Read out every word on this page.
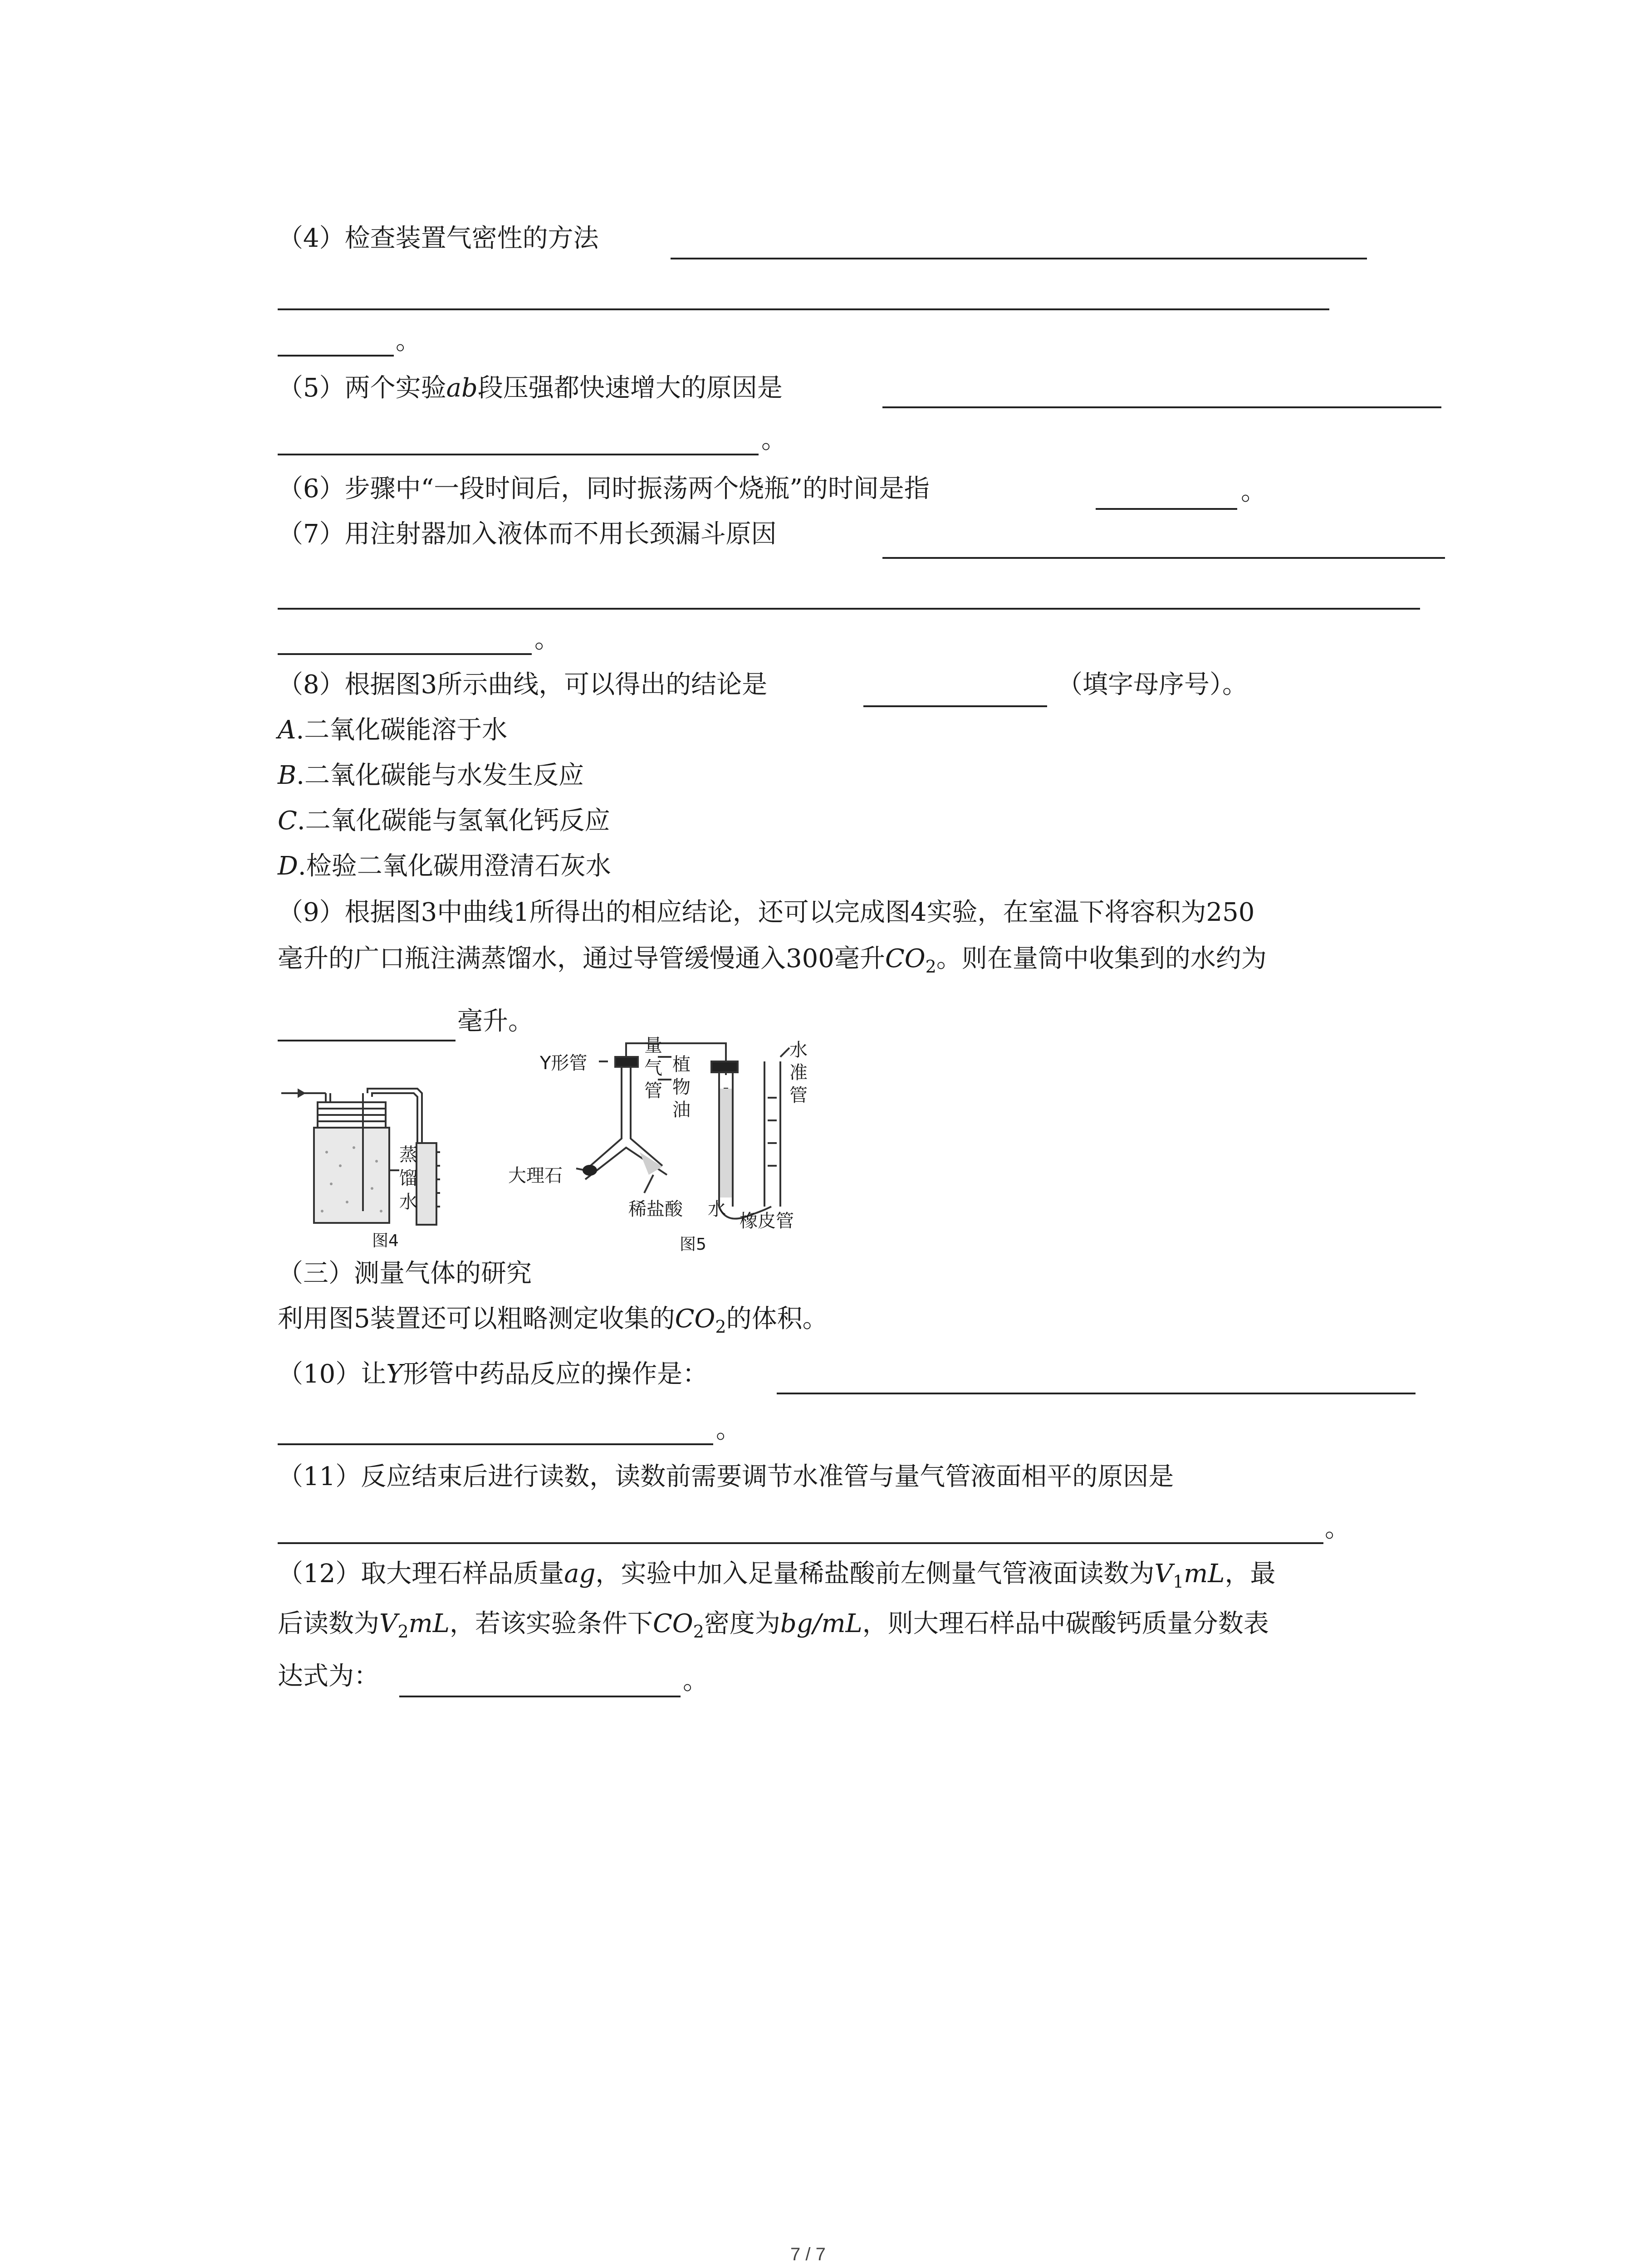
（4）检查装置气密性的方法
。
（5）两个实验ab段压强都快速增大的原因是
。
（6）步骤中“一段时间后，同时振荡两个烧瓶”的时间是指	。
（7）用注射器加入液体而不用长颈漏斗原因
。
（8）根据图3所示曲线，可以得出的结论是	（填字母序号）。
A.二氧化碳能溶于水
B.二氧化碳能与水发生反应
C.二氧化碳能与氢氧化钙反应
D.检验二氧化碳用澄清石灰水
（9）根据图3中曲线1所得出的相应结论，还可以完成图4实验，在室温下将容积为250
毫升的广口瓶注满蒸馏水，通过导管缓慢通入300毫升$CO_2$。则在量筒中收集到的水约为
毫升。
蒸馏水
图4
Y形管
量气管
植物油
水准管
大理石
稀盐酸 水
橡皮管
图5
（三）测量气体的研究
利用图5装置还可以粗略测定收集的$CO_2$的体积。
（10）让Y形管中药品反应的操作是：
。
（11）反应结束后进行读数，读数前需要调节水准管与量气管液面相平的原因是
。
（12）取大理石样品质量ag，实验中加入足量稀盐酸前左侧量气管液面读数为$V_1mL$，最
后读数为$V_2mL$，若该实验条件下$CO_2$密度为bg/mL，则大理石样品中碳酸钙质量分数表
达式为：	。
7 / 7
